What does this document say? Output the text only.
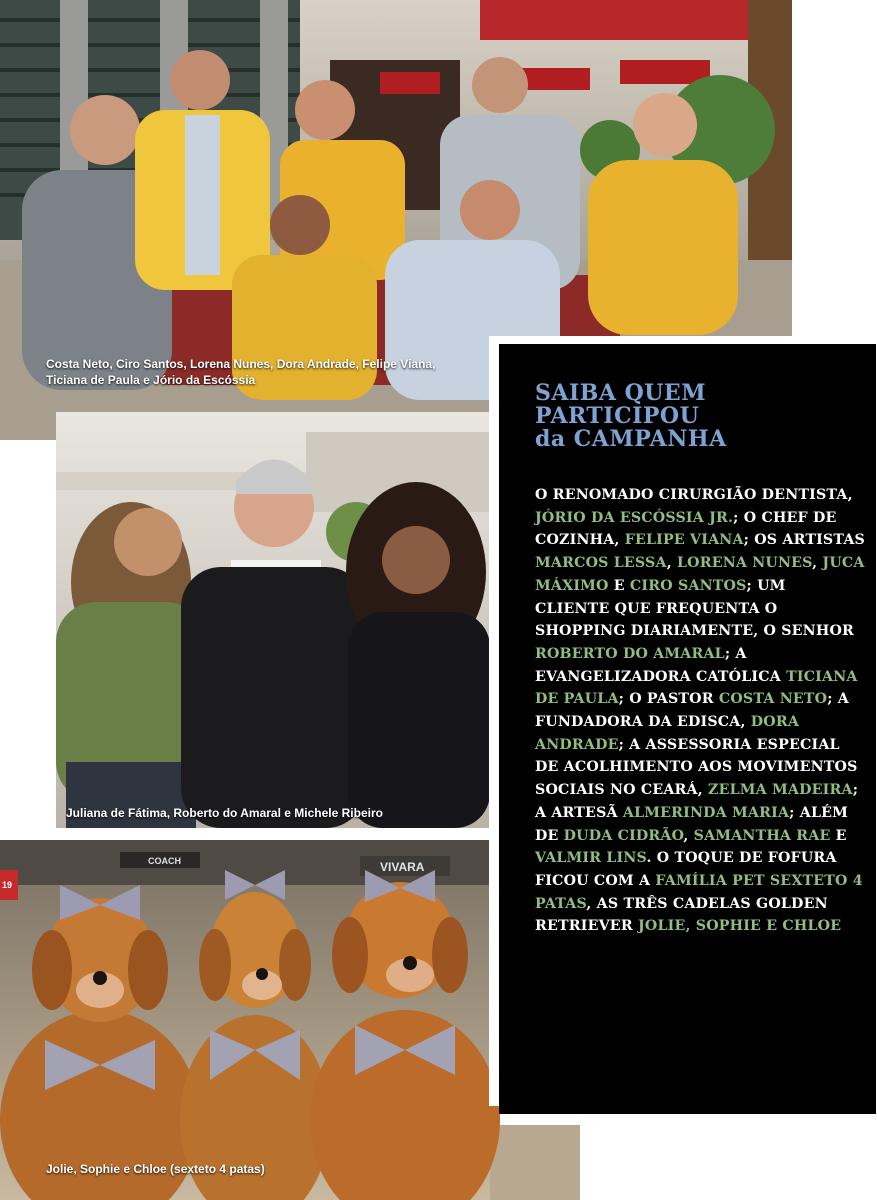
Costa Neto, Ciro Santos, Lorena Nunes, Dora Andrade, Felipe Viana,
Ticiana de Paula e Jório da Escóssia
Juliana de Fátima, Roberto do Amaral e Michele Ribeiro
COACH	VIVARA
19
Jolie, Sophie e Chloe (sexteto 4 patas)
SAIBA QUEM
PARTICIPOU
da CAMPANHA
O RENOMADO CIRURGIÃO DENTISTA, JÓRIO DA ESCÓSSIA JR.; O CHEF DE COZINHA, FELIPE VIANA; OS ARTISTAS MARCOS LESSA, LORENA NUNES, JUCA MÁXIMO E CIRO SANTOS; UM CLIENTE QUE FREQUENTA O SHOPPING DIARIAMENTE, O SENHOR ROBERTO DO AMARAL; A EVANGELIZADORA CATÓLICA TICIANA DE PAULA; O PASTOR COSTA NETO; A FUNDADORA DA EDISCA, DORA ANDRADE; A ASSESSORIA ESPECIAL DE ACOLHIMENTO AOS MOVIMENTOS SOCIAIS NO CEARÁ, ZELMA MADEIRA; A ARTESÃ ALMERINDA MARIA; ALÉM DE DUDA CIDRÃO, SAMANTHA RAE E VALMIR LINS. O TOQUE DE FOFURA FICOU COM A FAMÍLIA PET SEXTETO 4 PATAS, AS TRÊS CADELAS GOLDEN RETRIEVER JOLIE, SOPHIE E CHLOE
